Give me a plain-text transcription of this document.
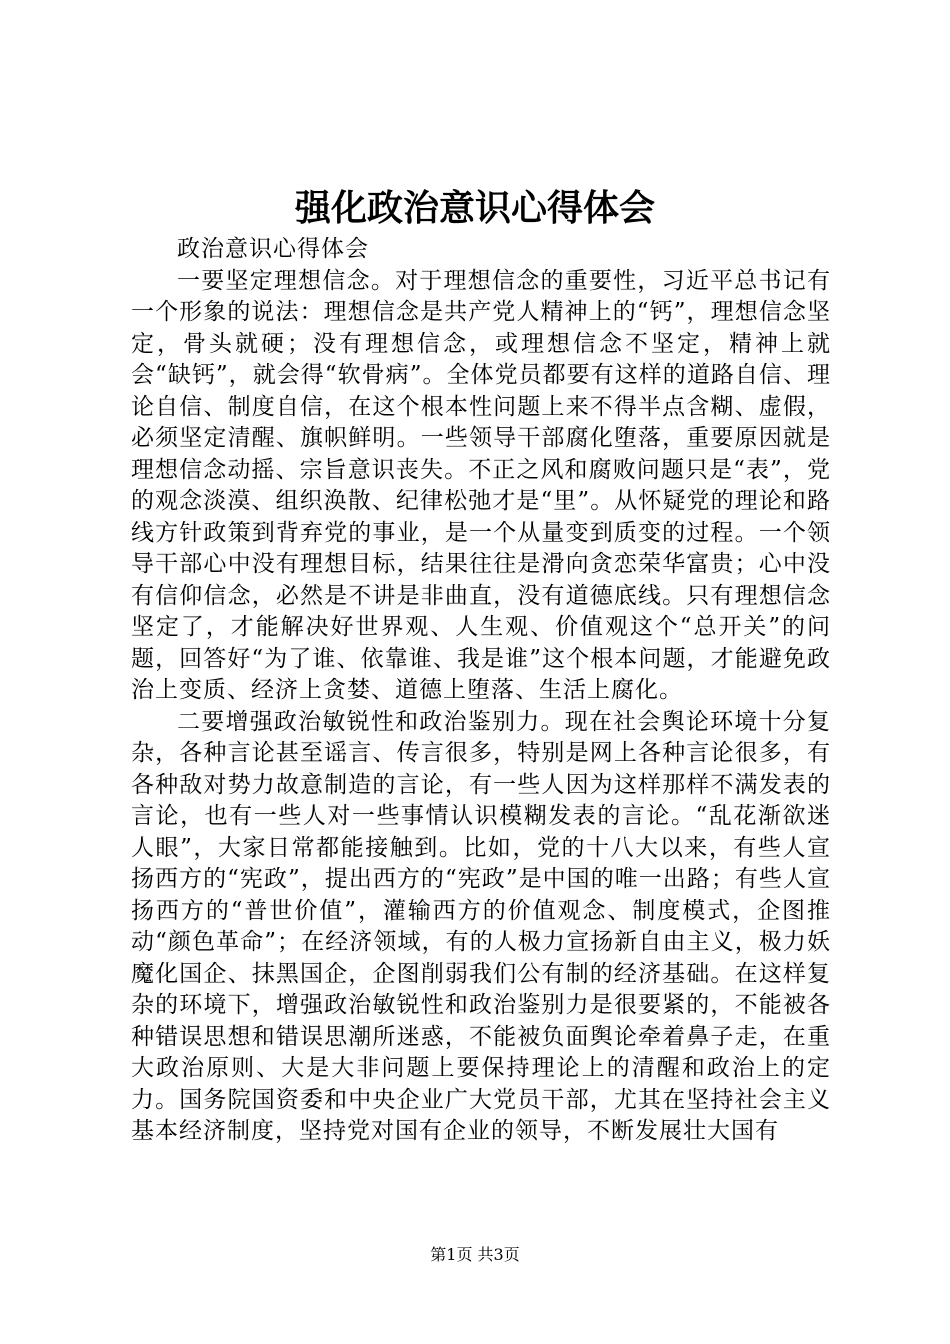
强化政治意识心得体会

政治意识心得体会

一要坚定理想信念。对于理想信念的重要性，习近平总书记有一个形象的说法：理想信念是共产党人精神上的“钙”，理想信念坚定，骨头就硬；没有理想信念，或理想信念不坚定，精神上就会“缺钙”，就会得“软骨病”。全体党员都要有这样的道路自信、理论自信、制度自信，在这个根本性问题上来不得半点含糊、虚假，必须坚定清醒、旗帜鲜明。一些领导干部腐化堕落，重要原因就是理想信念动摇、宗旨意识丧失。不正之风和腐败问题只是“表”，党的观念淡漠、组织涣散、纪律松弛才是“里”。从怀疑党的理论和路线方针政策到背弃党的事业，是一个从量变到质变的过程。一个领导干部心中没有理想目标，结果往往是滑向贪恋荣华富贵；心中没有信仰信念，必然是不讲是非曲直，没有道德底线。只有理想信念坚定了，才能解决好世界观、人生观、价值观这个“总开关”的问题，回答好“为了谁、依靠谁、我是谁”这个根本问题，才能避免政治上变质、经济上贪婪、道德上堕落、生活上腐化。

二要增强政治敏锐性和政治鉴别力。现在社会舆论环境十分复杂，各种言论甚至谣言、传言很多，特别是网上各种言论很多，有各种敌对势力故意制造的言论，有一些人因为这样那样不满发表的言论，也有一些人对一些事情认识模糊发表的言论。“乱花渐欲迷人眼”，大家日常都能接触到。比如，党的十八大以来，有些人宣扬西方的“宪政”，提出西方的“宪政”是中国的唯一出路；有些人宣扬西方的“普世价值”，灌输西方的价值观念、制度模式，企图推动“颜色革命”；在经济领域，有的人极力宣扬新自由主义，极力妖魔化国企、抹黑国企，企图削弱我们公有制的经济基础。在这样复杂的环境下，增强政治敏锐性和政治鉴别力是很要紧的，不能被各种错误思想和错误思潮所迷惑，不能被负面舆论牵着鼻子走，在重大政治原则、大是大非问题上要保持理论上的清醒和政治上的定力。国务院国资委和中央企业广大党员干部，尤其在坚持社会主义基本经济制度，坚持党对国有企业的领导，不断发展壮大国有

第1页 共3页
